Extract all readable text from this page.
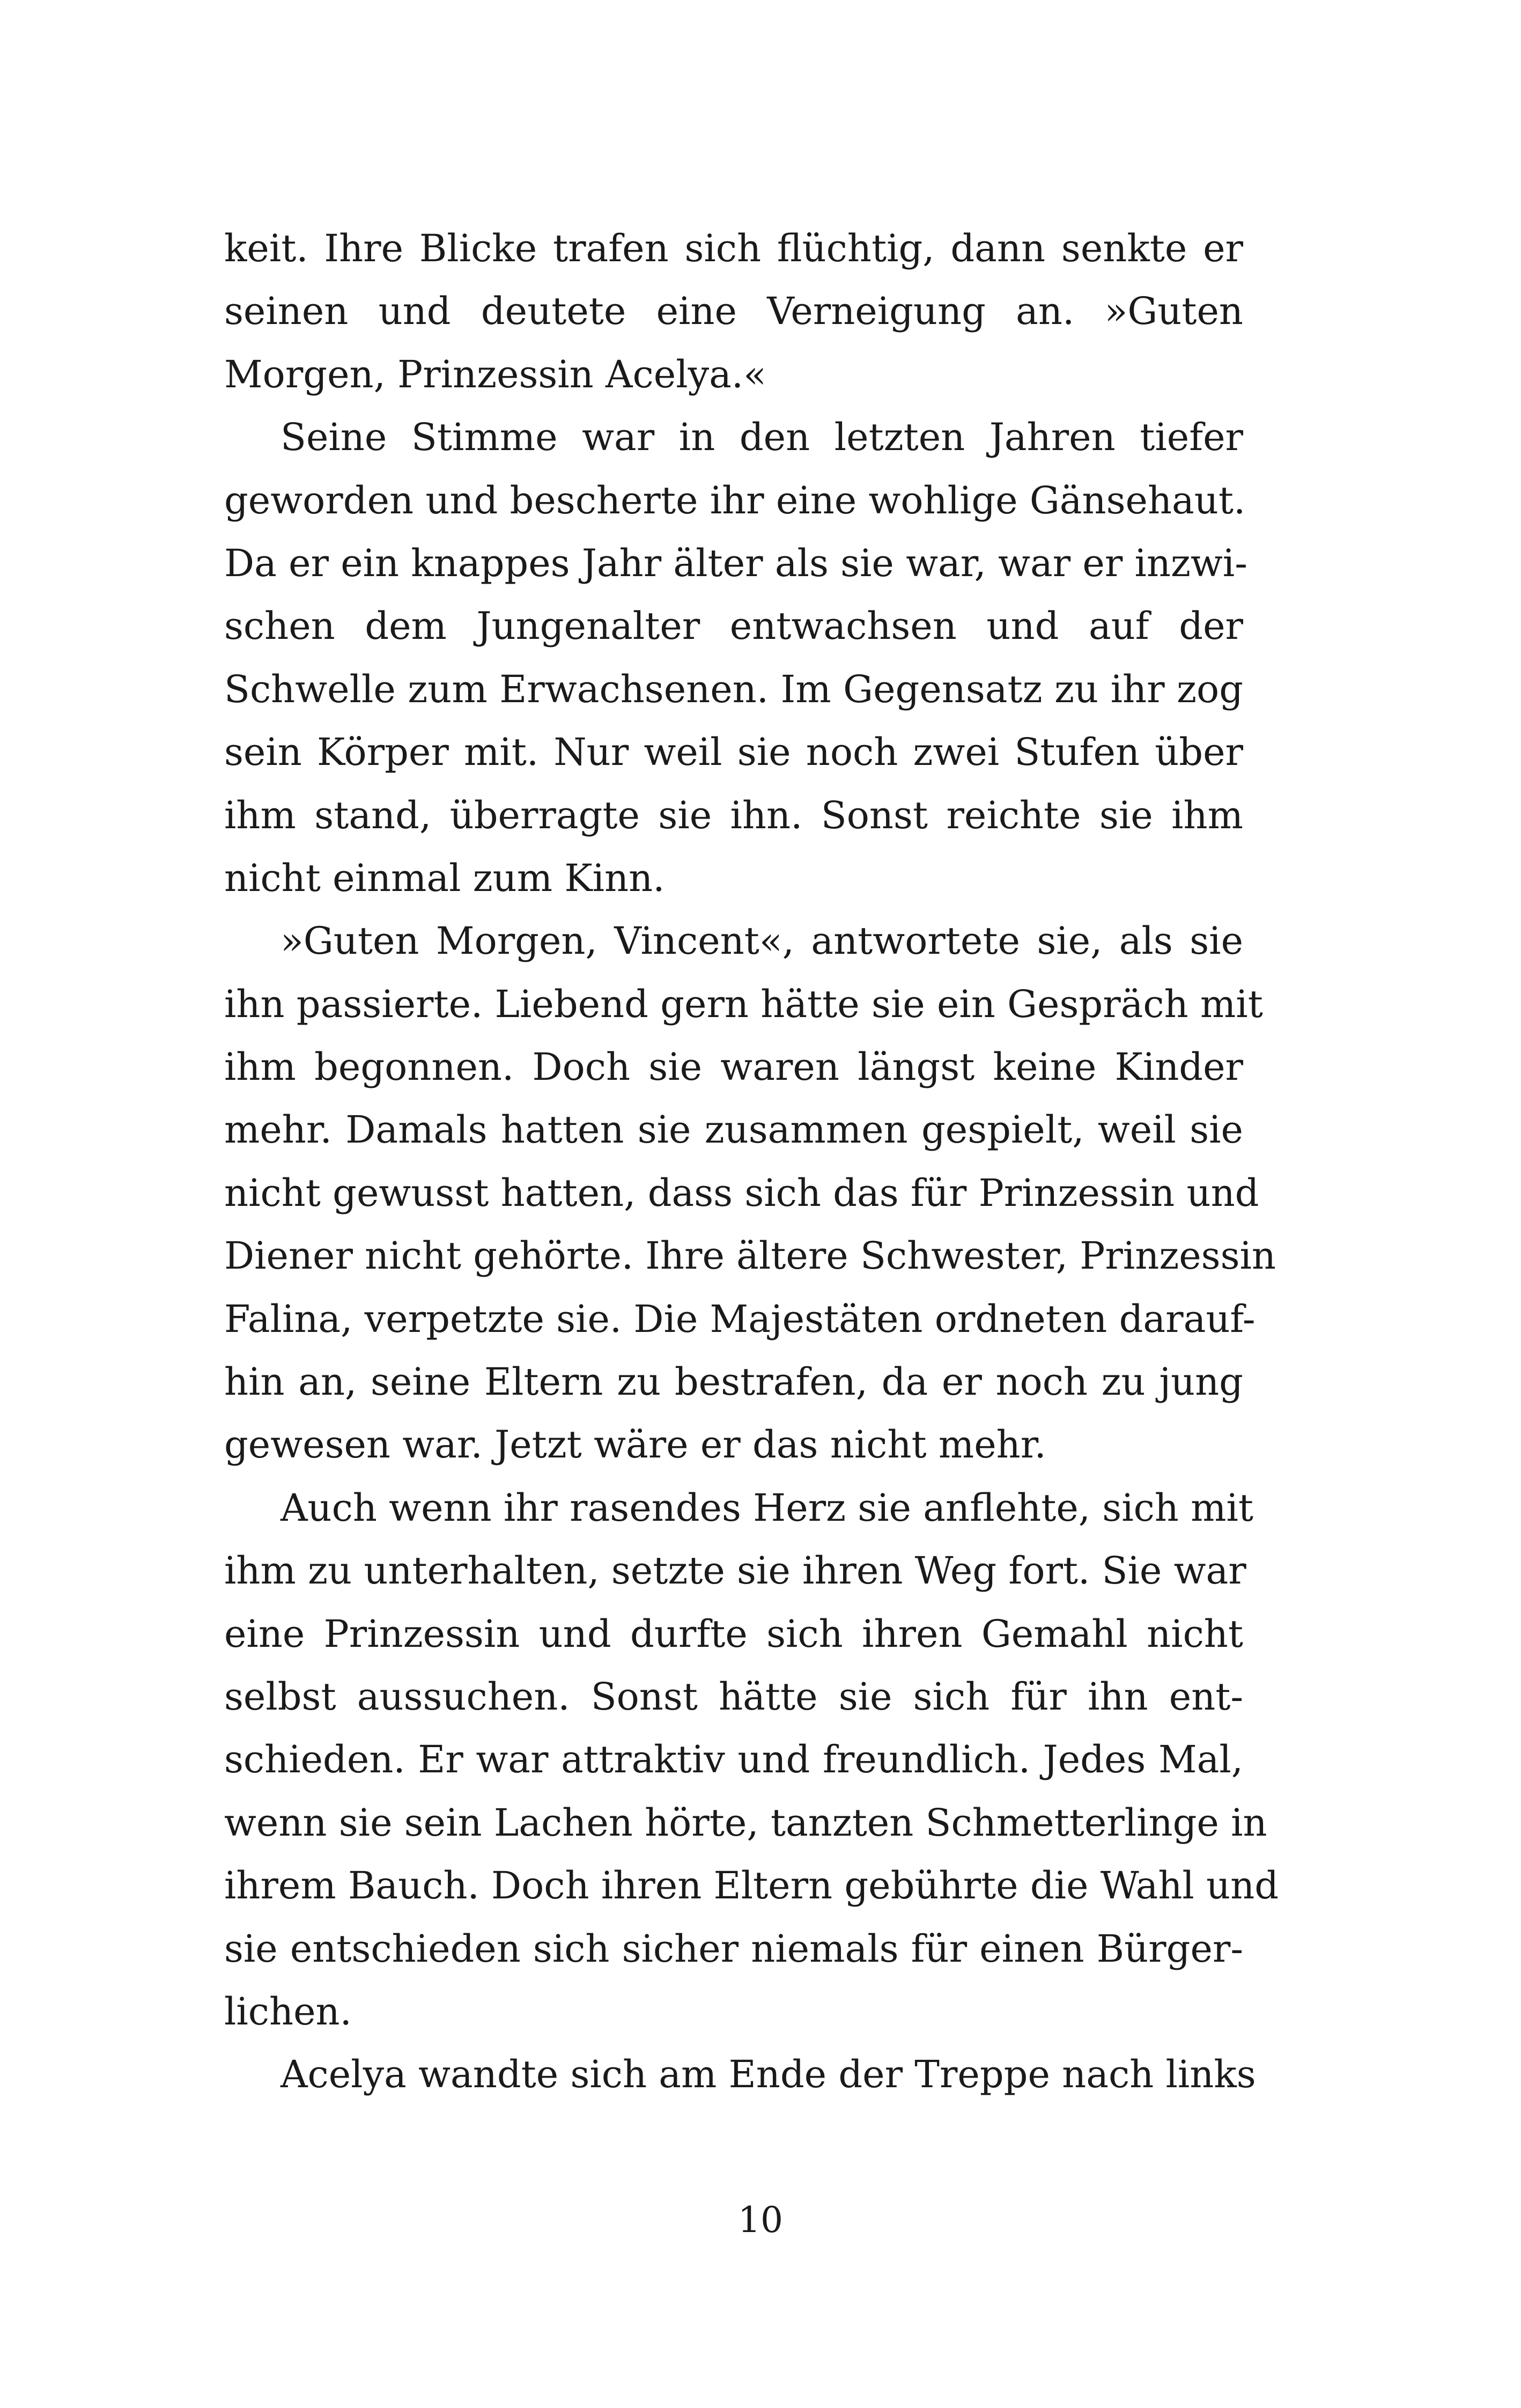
keit. Ihre Blicke trafen sich flüchtig, dann senkte er
seinen und deutete eine Verneigung an. »Guten
Morgen, Prinzessin Acelya.«
Seine Stimme war in den letzten Jahren tiefer
geworden und bescherte ihr eine wohlige Gänsehaut.
Da er ein knappes Jahr älter als sie war, war er inzwi-
schen dem Jungenalter entwachsen und auf der
Schwelle zum Erwachsenen. Im Gegensatz zu ihr zog
sein Körper mit. Nur weil sie noch zwei Stufen über
ihm stand, überragte sie ihn. Sonst reichte sie ihm
nicht einmal zum Kinn.
»Guten Morgen, Vincent«, antwortete sie, als sie
ihn passierte. Liebend gern hätte sie ein Gespräch mit
ihm begonnen. Doch sie waren längst keine Kinder
mehr. Damals hatten sie zusammen gespielt, weil sie
nicht gewusst hatten, dass sich das für Prinzessin und
Diener nicht gehörte. Ihre ältere Schwester, Prinzessin
Falina, verpetzte sie. Die Majestäten ordneten darauf-
hin an, seine Eltern zu bestrafen, da er noch zu jung
gewesen war. Jetzt wäre er das nicht mehr.
Auch wenn ihr rasendes Herz sie anflehte, sich mit
ihm zu unterhalten, setzte sie ihren Weg fort. Sie war
eine Prinzessin und durfte sich ihren Gemahl nicht
selbst aussuchen. Sonst hätte sie sich für ihn ent-
schieden. Er war attraktiv und freundlich. Jedes Mal,
wenn sie sein Lachen hörte, tanzten Schmetterlinge in
ihrem Bauch. Doch ihren Eltern gebührte die Wahl und
sie entschieden sich sicher niemals für einen Bürger-
lichen.
Acelya wandte sich am Ende der Treppe nach links
10
